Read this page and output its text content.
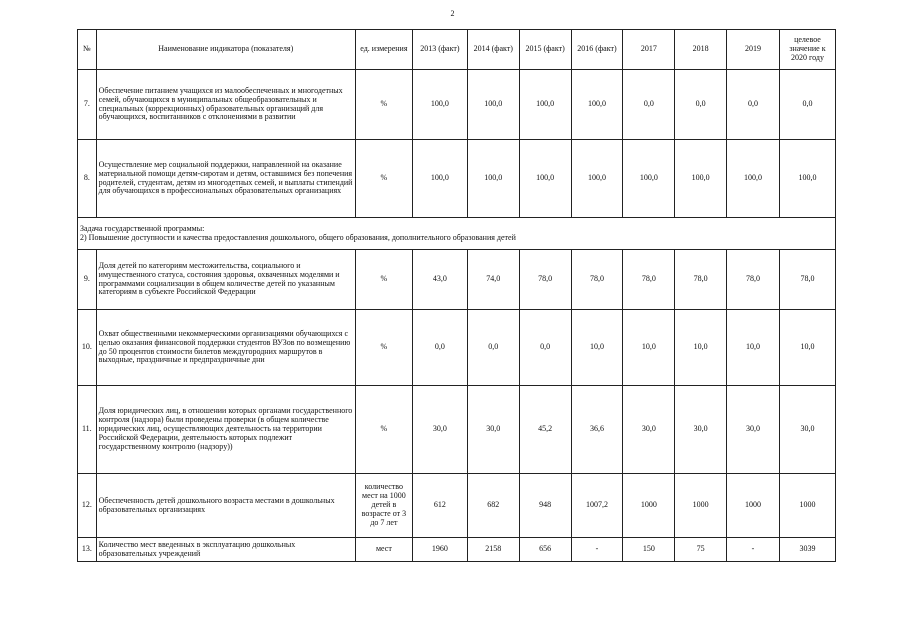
2
№	Наименование индикатора (показателя)	ед. измерения	2013 (факт)	2014 (факт)	2015 (факт)	2016 (факт)	2017	2018	2019	целевое значение к 2020 году
7.	Обеспечение питанием учащихся из малообеспеченных и многодетных семей, обучающихся в муниципальных общеобразовательных и специальных (коррекционных) образовательных организаций для обучающихся, воспитанников с отклонениями в развитии	%	100,0	100,0	100,0	100,0	0,0	0,0	0,0	0,0
8.	Осуществление мер социальной поддержки, направленной на оказание материальной помощи детям-сиротам и детям, оставшимся без попечения родителей, студентам, детям из многодетных семей, и выплаты стипендий для обучающихся в профессиональных образовательных организациях	%	100,0	100,0	100,0	100,0	100,0	100,0	100,0	100,0

Задача государственной программы:
2) Повышение доступности и качества предоставления дошкольного, общего образования, дополнительного образования детей										

9.	Доля детей по категориям местожительства, социального и имущественного статуса, состояния здоровья, охваченных моделями и программами социализации в общем количестве детей по указанным категориям в субъекте Российской Федерации	%	43,0	74,0	78,0	78,0	78,0	78,0	78,0	78,0
10.	Охват общественными некоммерческими организациями обучающихся с целью оказания финансовой поддержки студентов ВУЗов по возмещению до 50 процентов стоимости билетов междугородних маршрутов в выходные, праздничные и предпраздничные дни	%	0,0	0,0	0,0	10,0	10,0	10,0	10,0	10,0
11.	Доля юридических лиц, в отношении которых органами государственного контроля (надзора) были проведены проверки (в общем количестве юридических лиц, осуществляющих деятельность на территории Российской Федерации, деятельность которых подлежит государственному контролю (надзору))	%	30,0	30,0	45,2	36,6	30,0	30,0	30,0	30,0
12.	Обеспеченность детей дошкольного возраста местами в дошкольных образовательных организациях	количество мест на 1000 детей в возрасте от 3 до 7 лет	612	682	948	1007,2	1000	1000	1000	1000
13.	Количество мест введенных в эксплуатацию дошкольных образовательных учреждений	мест	1960	2158	656	-	150	75	-	3039
